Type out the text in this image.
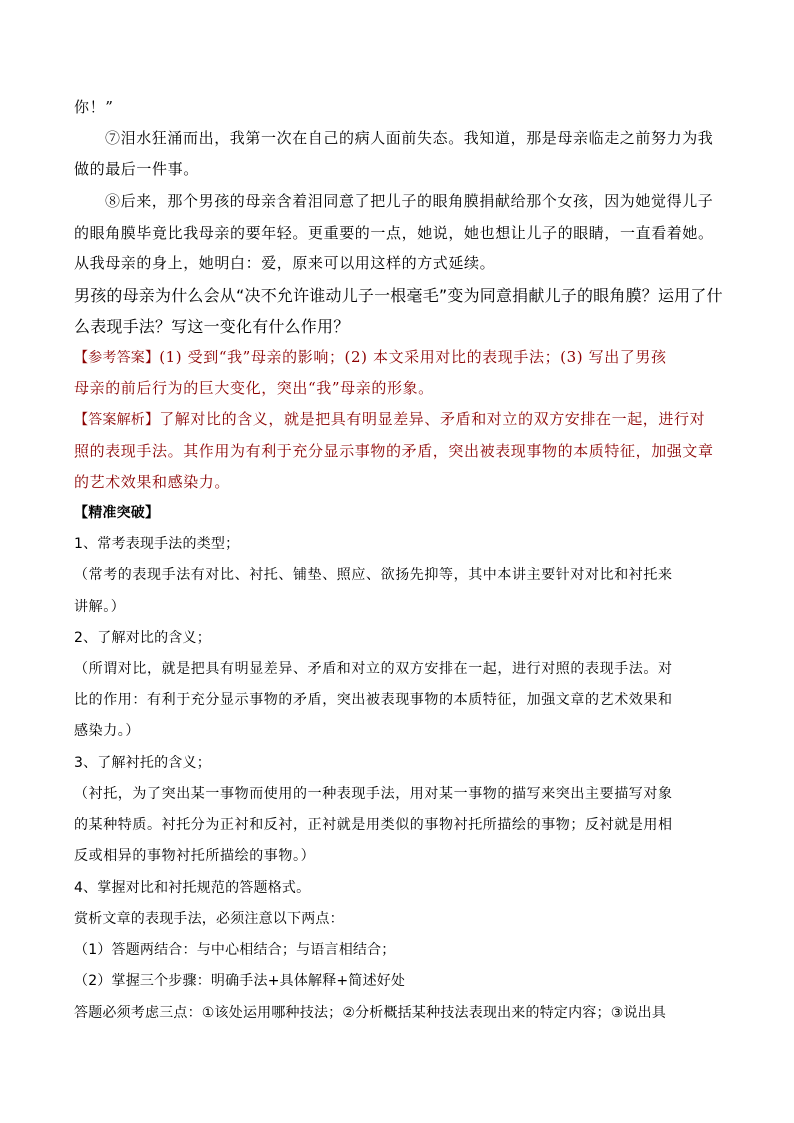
你！”
⑦泪水狂涌而出，我第一次在自己的病人面前失态。我知道，那是母亲临走之前努力为我
做的最后一件事。
⑧后来，那个男孩的母亲含着泪同意了把儿子的眼角膜捐献给那个女孩，因为她觉得儿子
的眼角膜毕竟比我母亲的要年轻。更重要的一点，她说，她也想让儿子的眼睛，一直看着她。
从我母亲的身上，她明白：爱，原来可以用这样的方式延续。
男孩的母亲为什么会从“决不允许谁动儿子一根毫毛”变为同意捐献儿子的眼角膜？运用了什
么表现手法？写这一变化有什么作用？
【参考答案】(1) 受到“我”母亲的影响；(2) 本文采用对比的表现手法；(3) 写出了男孩
母亲的前后行为的巨大变化，突出“我”母亲的形象。
【答案解析】了解对比的含义，就是把具有明显差异、矛盾和对立的双方安排在一起，进行对
照的表现手法。其作用为有利于充分显示事物的矛盾，突出被表现事物的本质特征，加强文章
的艺术效果和感染力。
【精准突破】
1、常考表现手法的类型；
（常考的表现手法有对比、衬托、铺垫、照应、欲扬先抑等，其中本讲主要针对对比和衬托来
讲解。）
2、了解对比的含义；
（所谓对比，就是把具有明显差异、矛盾和对立的双方安排在一起，进行对照的表现手法。对
比的作用：有利于充分显示事物的矛盾，突出被表现事物的本质特征，加强文章的艺术效果和
感染力。）
3、了解衬托的含义；
（衬托，为了突出某一事物而使用的一种表现手法，用对某一事物的描写来突出主要描写对象
的某种特质。衬托分为正衬和反衬，正衬就是用类似的事物衬托所描绘的事物；反衬就是用相
反或相异的事物衬托所描绘的事物。）
4、掌握对比和衬托规范的答题格式。
赏析文章的表现手法，必须注意以下两点：
（1）答题两结合：与中心相结合；与语言相结合；
（2）掌握三个步骤：明确手法+具体解释+简述好处
答题必须考虑三点：①该处运用哪种技法；②分析概括某种技法表现出来的特定内容；③说出具
